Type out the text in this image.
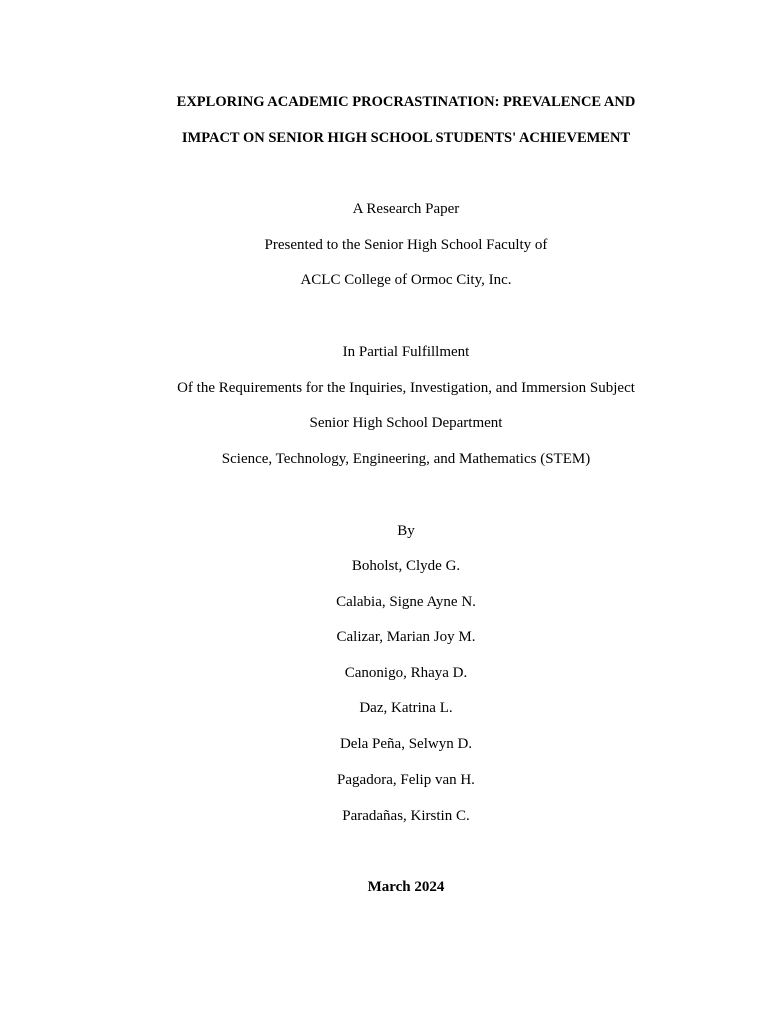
EXPLORING ACADEMIC PROCRASTINATION: PREVALENCE AND
IMPACT ON SENIOR HIGH SCHOOL STUDENTS' ACHIEVEMENT
A Research Paper
Presented to the Senior High School Faculty of
ACLC College of Ormoc City, Inc.
In Partial Fulfillment
Of the Requirements for the Inquiries, Investigation, and Immersion Subject
Senior High School Department
Science, Technology, Engineering, and Mathematics (STEM)
By
Boholst, Clyde G.
Calabia, Signe Ayne N.
Calizar, Marian Joy M.
Canonigo, Rhaya D.
Daz, Katrina L.
Dela Peña, Selwyn D.
Pagadora, Felip van H.
Paradañas, Kirstin C.
March 2024
